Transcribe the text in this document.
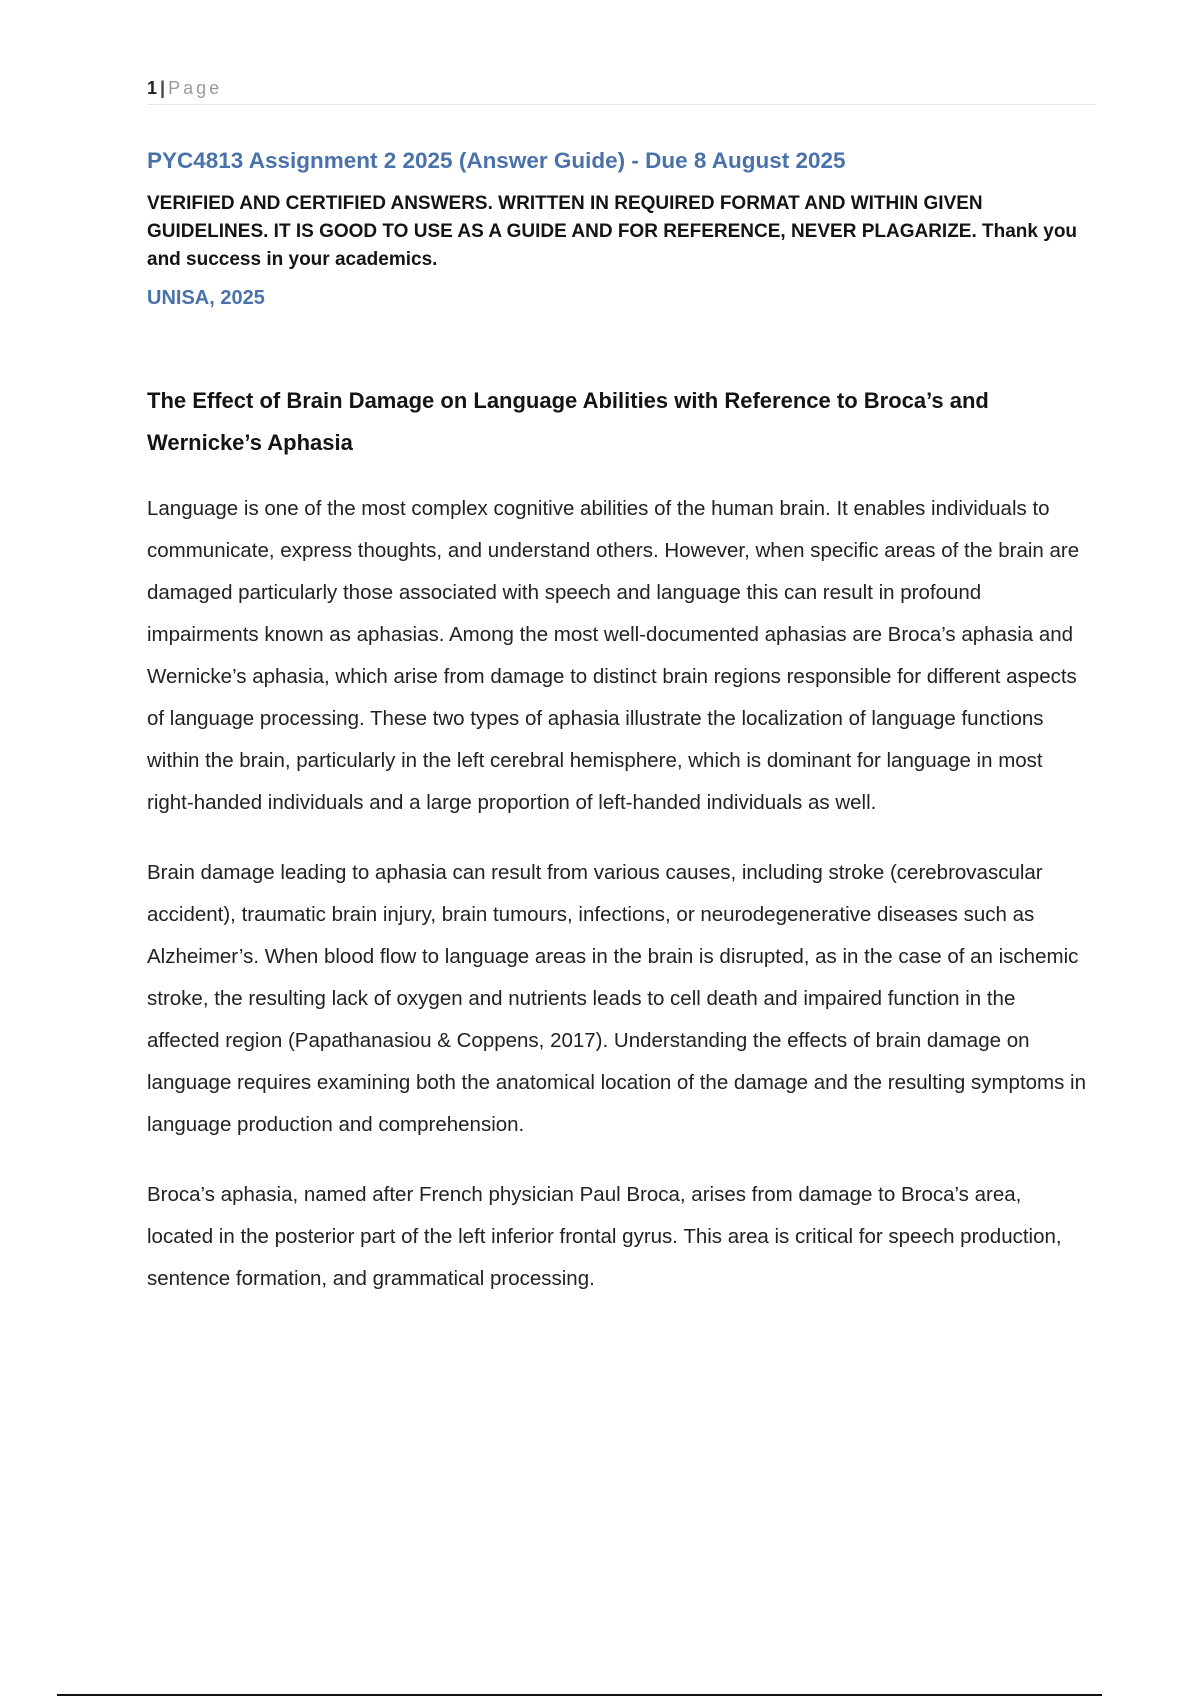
1 | Page
PYC4813 Assignment 2 2025 (Answer Guide) - Due 8 August 2025

VERIFIED AND CERTIFIED ANSWERS. WRITTEN IN REQUIRED FORMAT AND WITHIN GIVEN GUIDELINES. IT IS GOOD TO USE AS A GUIDE AND FOR REFERENCE, NEVER PLAGARIZE. Thank you and success in your academics.

UNISA, 2025

The Effect of Brain Damage on Language Abilities with Reference to Broca’s and Wernicke’s Aphasia

Language is one of the most complex cognitive abilities of the human brain. It enables individuals to communicate, express thoughts, and understand others. However, when specific areas of the brain are damaged particularly those associated with speech and language this can result in profound impairments known as aphasias. Among the most well-documented aphasias are Broca’s aphasia and Wernicke’s aphasia, which arise from damage to distinct brain regions responsible for different aspects of language processing. These two types of aphasia illustrate the localization of language functions within the brain, particularly in the left cerebral hemisphere, which is dominant for language in most right-handed individuals and a large proportion of left-handed individuals as well.

Brain damage leading to aphasia can result from various causes, including stroke (cerebrovascular accident), traumatic brain injury, brain tumours, infections, or neurodegenerative diseases such as Alzheimer’s. When blood flow to language areas in the brain is disrupted, as in the case of an ischemic stroke, the resulting lack of oxygen and nutrients leads to cell death and impaired function in the affected region (Papathanasiou & Coppens, 2017). Understanding the effects of brain damage on language requires examining both the anatomical location of the damage and the resulting symptoms in language production and comprehension.

Broca’s aphasia, named after French physician Paul Broca, arises from damage to Broca’s area, located in the posterior part of the left inferior frontal gyrus. This area is critical for speech production, sentence formation, and grammatical processing.
